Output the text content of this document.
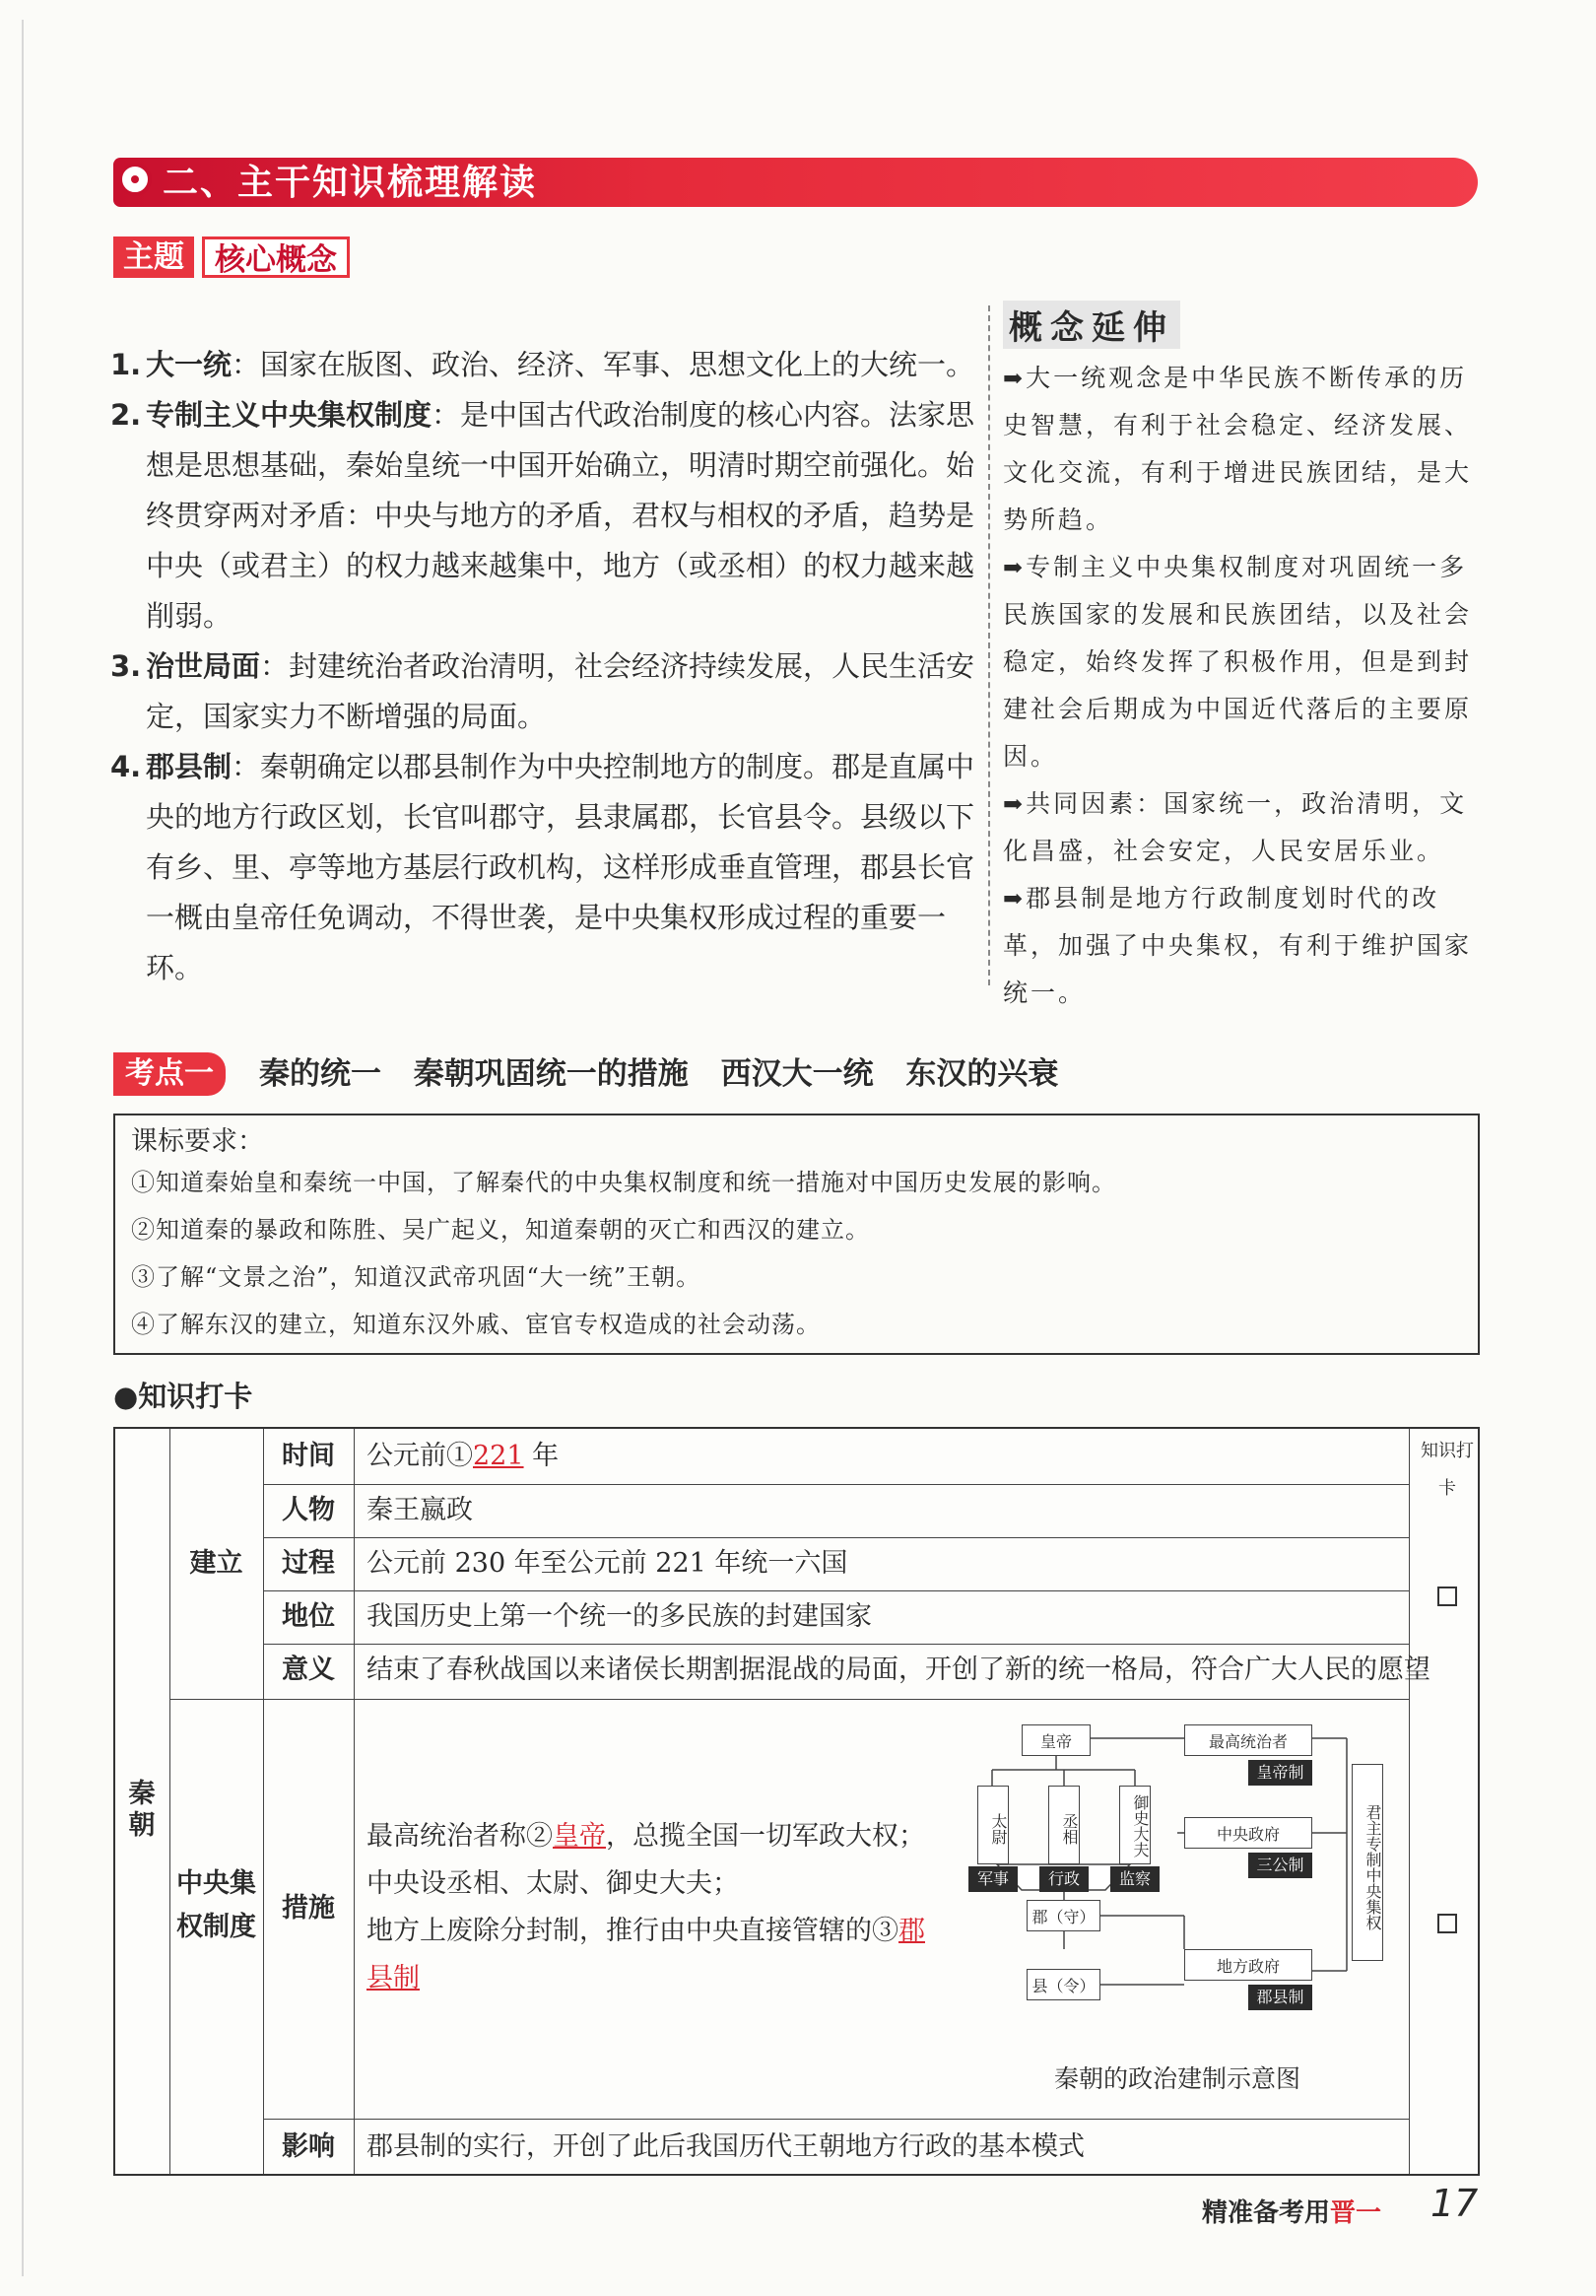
二、主干知识梳理解读
主题	核心概念

1. 大一统：国家在版图、政治、经济、军事、思想文化上的大统一。

2. 专制主义中央集权制度：是中国古代政治制度的核心内容。法家思想是思想基础，秦始皇统一中国开始确立，明清时期空前强化。始终贯穿两对矛盾：中央与地方的矛盾，君权与相权的矛盾，趋势是中央（或君主）的权力越来越集中，地方（或丞相）的权力越来越削弱。

3. 治世局面：封建统治者政治清明，社会经济持续发展，人民生活安定，国家实力不断增强的局面。

4. 郡县制：秦朝确定以郡县制作为中央控制地方的制度。郡是直属中央的地方行政区划，长官叫郡守，县隶属郡，长官县令。县级以下有乡、里、亭等地方基层行政机构，这样形成垂直管理，郡县长官一概由皇帝任免调动，不得世袭，是中央集权形成过程的重要一环。

概念延伸

➡大一统观念是中华民族不断传承的历史智慧，有利于社会稳定、经济发展、文化交流，有利于增进民族团结，是大势所趋。

➡专制主义中央集权制度对巩固统一多民族国家的发展和民族团结，以及社会稳定，始终发挥了积极作用，但是到封建社会后期成为中国近代落后的主要原因。

➡共同因素：国家统一，政治清明，文化昌盛，社会安定，人民安居乐业。

➡郡县制是地方行政制度划时代的改革，加强了中央集权，有利于维护国家统一。

考点一	秦的统一 秦朝巩固统一的措施 西汉大一统 东汉的兴衰

课标要求：

①知道秦始皇和秦统一中国，了解秦代的中央集权制度和统一措施对中国历史发展的影响。

②知道秦的暴政和陈胜、吴广起义，知道秦朝的灭亡和西汉的建立。

③了解“文景之治”，知道汉武帝巩固“大一统”王朝。

④了解东汉的建立，知道东汉外戚、宦官专权造成的社会动荡。

●知识打卡
秦朝
建立
时间	公元前①221 年
人物	秦王嬴政
过程	公元前 230 年至公元前 221 年统一六国
地位	我国历史上第一个统一的多民族的封建国家
意义	结束了春秋战国以来诸侯长期割据混战的局面，开创了新的统一格局，符合广大人民的愿望
中央集权制度
措施

最高统治者称②皇帝，总揽全国一切军政大权；

中央设丞相、太尉、御史大夫；

地方上废除分封制，推行由中央直接管辖的③郡县制

皇帝	最高统治者
皇帝制
太尉	丞相	御史大夫
军事	行政	监察
中央政府
三公制
郡（守）
县（令）
地方政府
郡县制
君主专制中央集权
秦朝的政治建制示意图
影响	郡县制的实行，开创了此后我国历代王朝地方行政的基本模式
知识打卡
精准备考用晋一 17
